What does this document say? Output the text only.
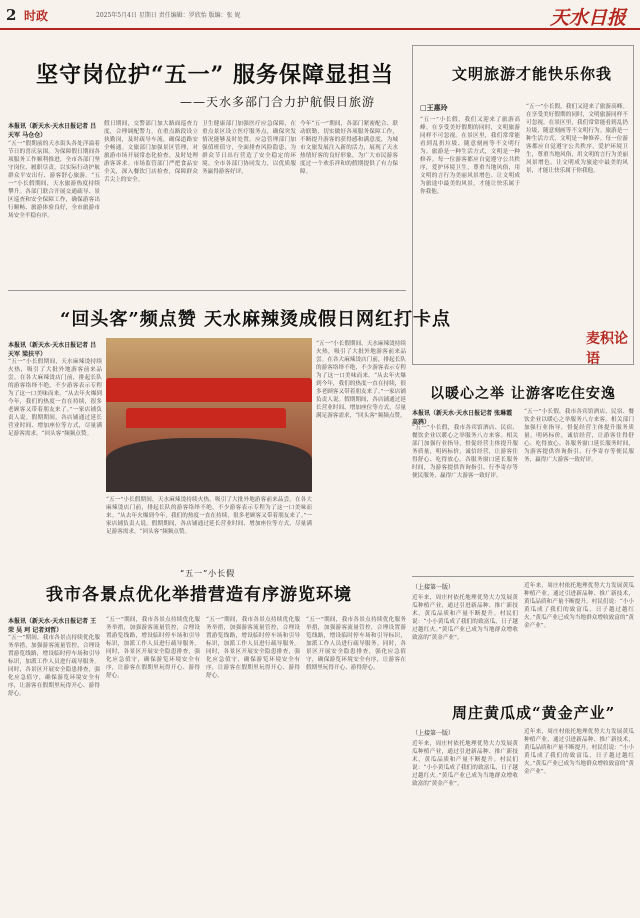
2 时政	2025年5月4日 星期日 责任编辑：罗欣怡 版编：张 妮	天水日报
坚守岗位护“五一” 服务保障显担当
——天水多部门合力护航假日旅游
本报讯（新天水·天水日报记者 吕天军 马仓仓）
“五一”假期前的天水街头各处洋溢着节日的喜庆氛围。为保障假日期间各项服务工作顺利推进，全市各部门坚守岗位、履职尽责，以实际行动护航群众平安出行、游客舒心旅游。“五一”小长假期间，天水旅游热度持续攀升。各部门联合开展交通疏导、景区巡查和安全保障工作，确保游客出行顺畅、旅游体验良好，全市旅游市场安全平稳有序。
假日期间，交警部门加大路面巡查力度，合理调配警力，在重点路段设立执勤岗，及时疏导车流，确保道路安全畅通。文旅部门加强景区管理，对旅游市场开展常态化检查，及时处理游客诉求。市场监管部门严把食品安全关，深入餐饮门店检查，保障群众舌尖上的安全。
卫生健康部门加强医疗应急保障，在重点景区设立医疗服务点，确保突发情况能够及时处置。应急管理部门加强值班值守，全面排查风险隐患，为群众节日出行营造了安全稳定的环境。全市各部门协同发力，以优质服务赢得游客好评。
今年“五一”期间，各部门紧密配合、联动联勤，切实做好各项服务保障工作，不断提升游客的获得感和满意度，为城市文旅发展注入新的活力，展现了天水热情好客的良好形象，为广大市民游客度过一个欢乐祥和的假期提供了有力保障。
文明旅游才能快乐你我
□王惠玲
“五一”小长假，我们又迎来了旅游高峰。在享受美好假期的同时，文明旅游同样不可忽视。在景区里，我们常常能看到乱扔垃圾、随意刻画等不文明行为。旅游是一种生活方式，文明是一种修养。每一位游客都应自觉遵守公共秩序，爱护环境卫生，尊重当地风俗，用文明的言行为美丽风景增色。让文明成为旅途中最美的风景，才能让快乐属于你我他。
“五一”小长假，我们又迎来了旅游高峰。在享受美好假期的同时，文明旅游同样不可忽视。在景区里，我们常常能看到乱扔垃圾、随意刻画等不文明行为。旅游是一种生活方式，文明是一种修养。每一位游客都应自觉遵守公共秩序，爱护环境卫生，尊重当地风俗，用文明的言行为美丽风景增色。让文明成为旅途中最美的风景，才能让快乐属于你我他。
麦积论语
“回头客”频点赞 天水麻辣烫成假日网红打卡点
本报讯（新天水·天水日报记者 吕天军 梁扶平）
“五一”小长假期间，天水麻辣烫持续火热，吸引了大批外地游客前来品尝。在各大麻辣烫店门前，排起长队的游客络绎不绝，不少游客表示专程为了这一口美味而来。“从去年火爆到今年，我们的热度一直在持续，很多老顾客又带着朋友来了。”一家店铺负责人说。假期期间，各店铺通过延长营业时间、增加座位等方式，尽量满足游客需求，“回头客”频频点赞。
“五一”小长假期间，天水麻辣烫持续火热，吸引了大批外地游客前来品尝。在各大麻辣烫店门前，排起长队的游客络绎不绝，不少游客表示专程为了这一口美味而来。“从去年火爆到今年，我们的热度一直在持续，很多老顾客又带着朋友来了。”一家店铺负责人说。假期期间，各店铺通过延长营业时间、增加座位等方式，尽量满足游客需求，“回头客”频频点赞。
“五一”小长假期间，天水麻辣烫持续火热，吸引了大批外地游客前来品尝。在各大麻辣烫店门前，排起长队的游客络绎不绝，不少游客表示专程为了这一口美味而来。“从去年火爆到今年，我们的热度一直在持续，很多老顾客又带着朋友来了。”一家店铺负责人说。假期期间，各店铺通过延长营业时间、增加座位等方式，尽量满足游客需求，“回头客”频频点赞。
以暖心之举 让游客吃住安逸
本报讯（新天水·天水日报记者 张琳霞 高鸦）
“五一”小长假，我市各宾馆酒店、民宿、餐饮企业以暖心之举服务八方来客。相关部门加强行业指导，督促经营主体提升服务质量，明码标价，诚信经营，让游客住得舒心、吃得放心。各服务窗口延长服务时间，为游客提供咨询指引、行李寄存等便民服务，赢得广大游客一致好评。
“五一”小长假，我市各宾馆酒店、民宿、餐饮企业以暖心之举服务八方来客。相关部门加强行业指导，督促经营主体提升服务质量，明码标价，诚信经营，让游客住得舒心、吃得放心。各服务窗口延长服务时间，为游客提供咨询指引、行李寄存等便民服务，赢得广大游客一致好评。
“五一”小长假
我市各景点优化举措营造有序游览环境
本报讯（新天水·天水日报记者 王 荣 吴 珂 记者刘哲）
“五一”期间，我市各景点持续优化服务举措，加强游客流量管控，合理设置游览线路，增设临时停车场和引导标识，加派工作人员进行疏导服务。同时，各景区开展安全隐患排查，强化应急值守，确保游览环境安全有序，让游客在假期里玩得开心、游得舒心。
“五一”期间，我市各景点持续优化服务举措，加强游客流量管控，合理设置游览线路，增设临时停车场和引导标识，加派工作人员进行疏导服务。同时，各景区开展安全隐患排查，强化应急值守，确保游览环境安全有序，让游客在假期里玩得开心、游得舒心。
“五一”期间，我市各景点持续优化服务举措，加强游客流量管控，合理设置游览线路，增设临时停车场和引导标识，加派工作人员进行疏导服务。同时，各景区开展安全隐患排查，强化应急值守，确保游览环境安全有序，让游客在假期里玩得开心、游得舒心。
“五一”期间，我市各景点持续优化服务举措，加强游客流量管控，合理设置游览线路，增设临时停车场和引导标识，加派工作人员进行疏导服务。同时，各景区开展安全隐患排查，强化应急值守，确保游览环境安全有序，让游客在假期里玩得开心、游得舒心。
（上接第一版）
近年来，周庄村依托地理优势大力发展黄瓜种植产业，通过引进新品种、推广新技术，黄瓜品质和产量不断提升。村民们说：“小小黄瓜成了我们的致富瓜，日子越过越红火。”黄瓜产业已成为当地群众增收致富的“黄金产业”。
近年来，周庄村依托地理优势大力发展黄瓜种植产业，通过引进新品种、推广新技术，黄瓜品质和产量不断提升。村民们说：“小小黄瓜成了我们的致富瓜，日子越过越红火。”黄瓜产业已成为当地群众增收致富的“黄金产业”。
周庄黄瓜成“黄金产业”
（上接第一版）
近年来，周庄村依托地理优势大力发展黄瓜种植产业，通过引进新品种、推广新技术，黄瓜品质和产量不断提升。村民们说：“小小黄瓜成了我们的致富瓜，日子越过越红火。”黄瓜产业已成为当地群众增收致富的“黄金产业”。
近年来，周庄村依托地理优势大力发展黄瓜种植产业，通过引进新品种、推广新技术，黄瓜品质和产量不断提升。村民们说：“小小黄瓜成了我们的致富瓜，日子越过越红火。”黄瓜产业已成为当地群众增收致富的“黄金产业”。
